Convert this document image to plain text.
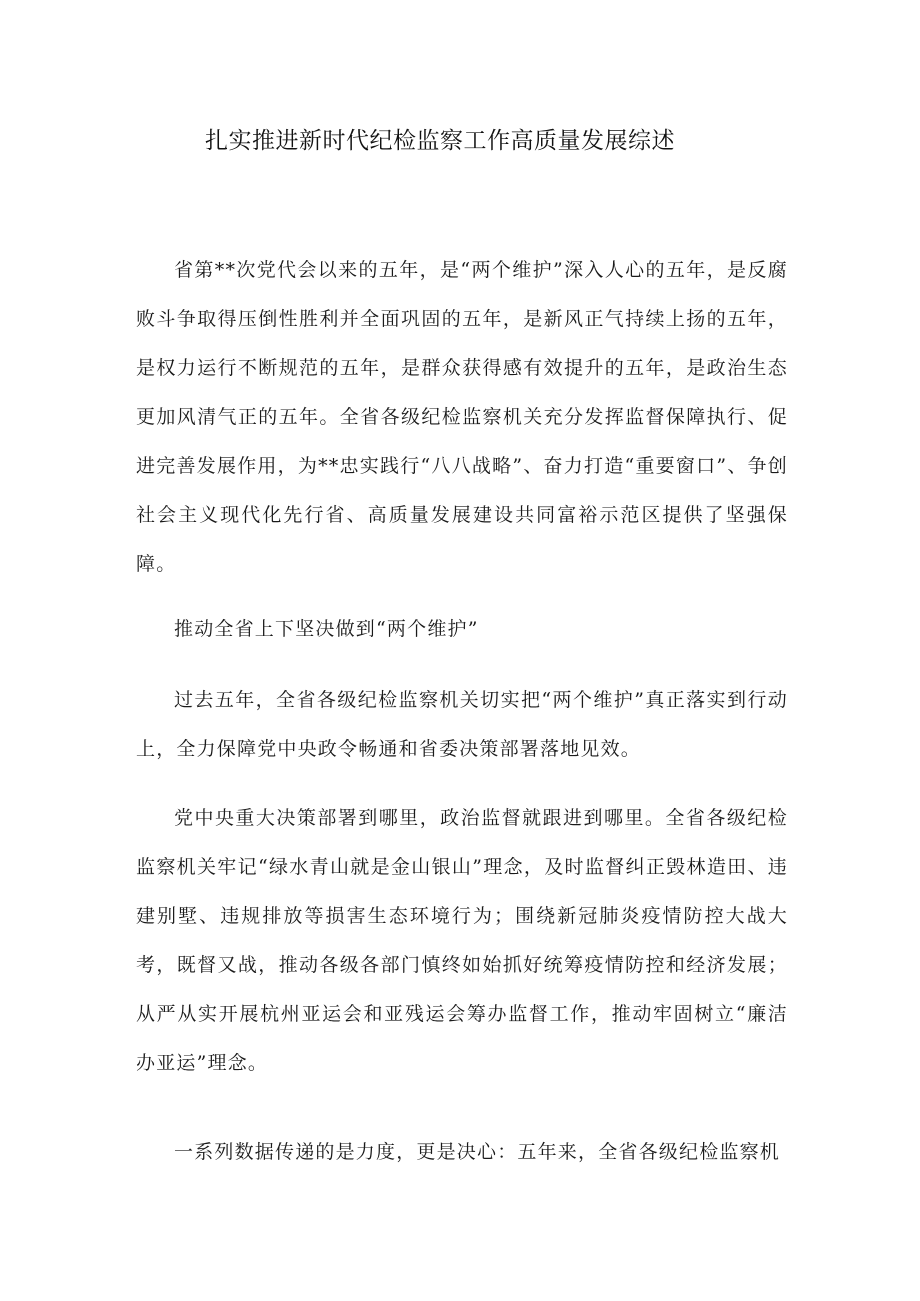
扎实推进新时代纪检监察工作高质量发展综述

省第**次党代会以来的五年，是“两个维护”深入人心的五年，是反腐败斗争取得压倒性胜利并全面巩固的五年，是新风正气持续上扬的五年，是权力运行不断规范的五年，是群众获得感有效提升的五年，是政治生态更加风清气正的五年。全省各级纪检监察机关充分发挥监督保障执行、促进完善发展作用，为**忠实践行“八八战略”、奋力打造“重要窗口”、争创社会主义现代化先行省、高质量发展建设共同富裕示范区提供了坚强保障。

推动全省上下坚决做到“两个维护”

过去五年，全省各级纪检监察机关切实把“两个维护”真正落实到行动上，全力保障党中央政令畅通和省委决策部署落地见效。

党中央重大决策部署到哪里，政治监督就跟进到哪里。全省各级纪检监察机关牢记“绿水青山就是金山银山”理念，及时监督纠正毁林造田、违建别墅、违规排放等损害生态环境行为；围绕新冠肺炎疫情防控大战大考，既督又战，推动各级各部门慎终如始抓好统筹疫情防控和经济发展；从严从实开展杭州亚运会和亚残运会筹办监督工作，推动牢固树立“廉洁办亚运”理念。

一系列数据传递的是力度，更是决心：五年来，全省各级纪检监察机
